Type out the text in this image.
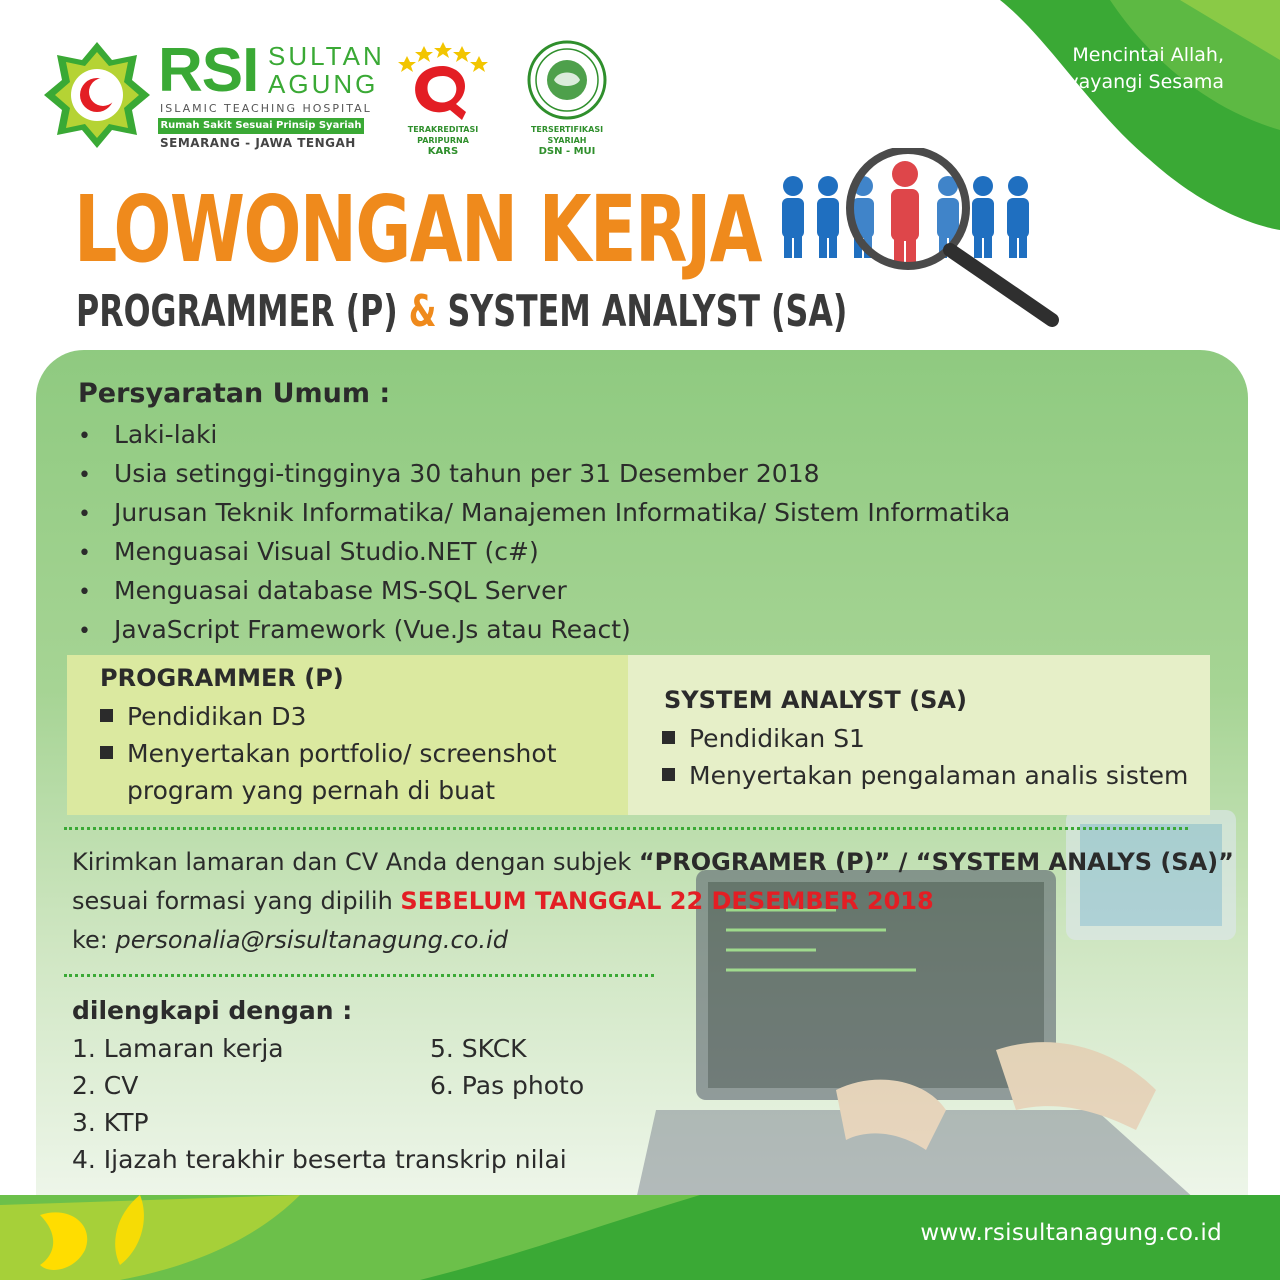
RSI SULTAN
AGUNG
ISLAMIC TEACHING HOSPITAL
Rumah Sakit Sesuai Prinsip Syariah
SEMARANG - JAWA TENGAH
TERAKREDITASI PARIPURNA
KARS
TERSERTIFIKASI SYARIAH
DSN - MUI
Mencintai Allah,
menyayangi Sesama
LOWONGAN KERJA
PROGRAMMER (P) & SYSTEM ANALYST (SA)
Persyaratan Umum :
• Laki-laki
• Usia setinggi-tingginya 30 tahun per 31 Desember 2018
• Jurusan Teknik Informatika/ Manajemen Informatika/ Sistem Informatika
• Menguasai Visual Studio.NET (c#)
• Menguasai database MS-SQL Server
• JavaScript Framework (Vue.Js atau React)
PROGRAMMER (P)
Pendidikan D3
Menyertakan portfolio/ screenshot
program yang pernah di buat
SYSTEM ANALYST (SA)
Pendidikan S1
Menyertakan pengalaman analis sistem
Kirimkan lamaran dan CV Anda dengan subjek “PROGRAMER (P)” / “SYSTEM ANALYS (SA)”
sesuai formasi yang dipilih SEBELUM TANGGAL 22 DESEMBER 2018
ke: personalia@rsisultanagung.co.id
dilengkapi dengan :
1. Lamaran kerja
2. CV
3. KTP
4. Ijazah terakhir beserta transkrip nilai
5. SKCK
6. Pas photo
www.rsisultanagung.co.id
